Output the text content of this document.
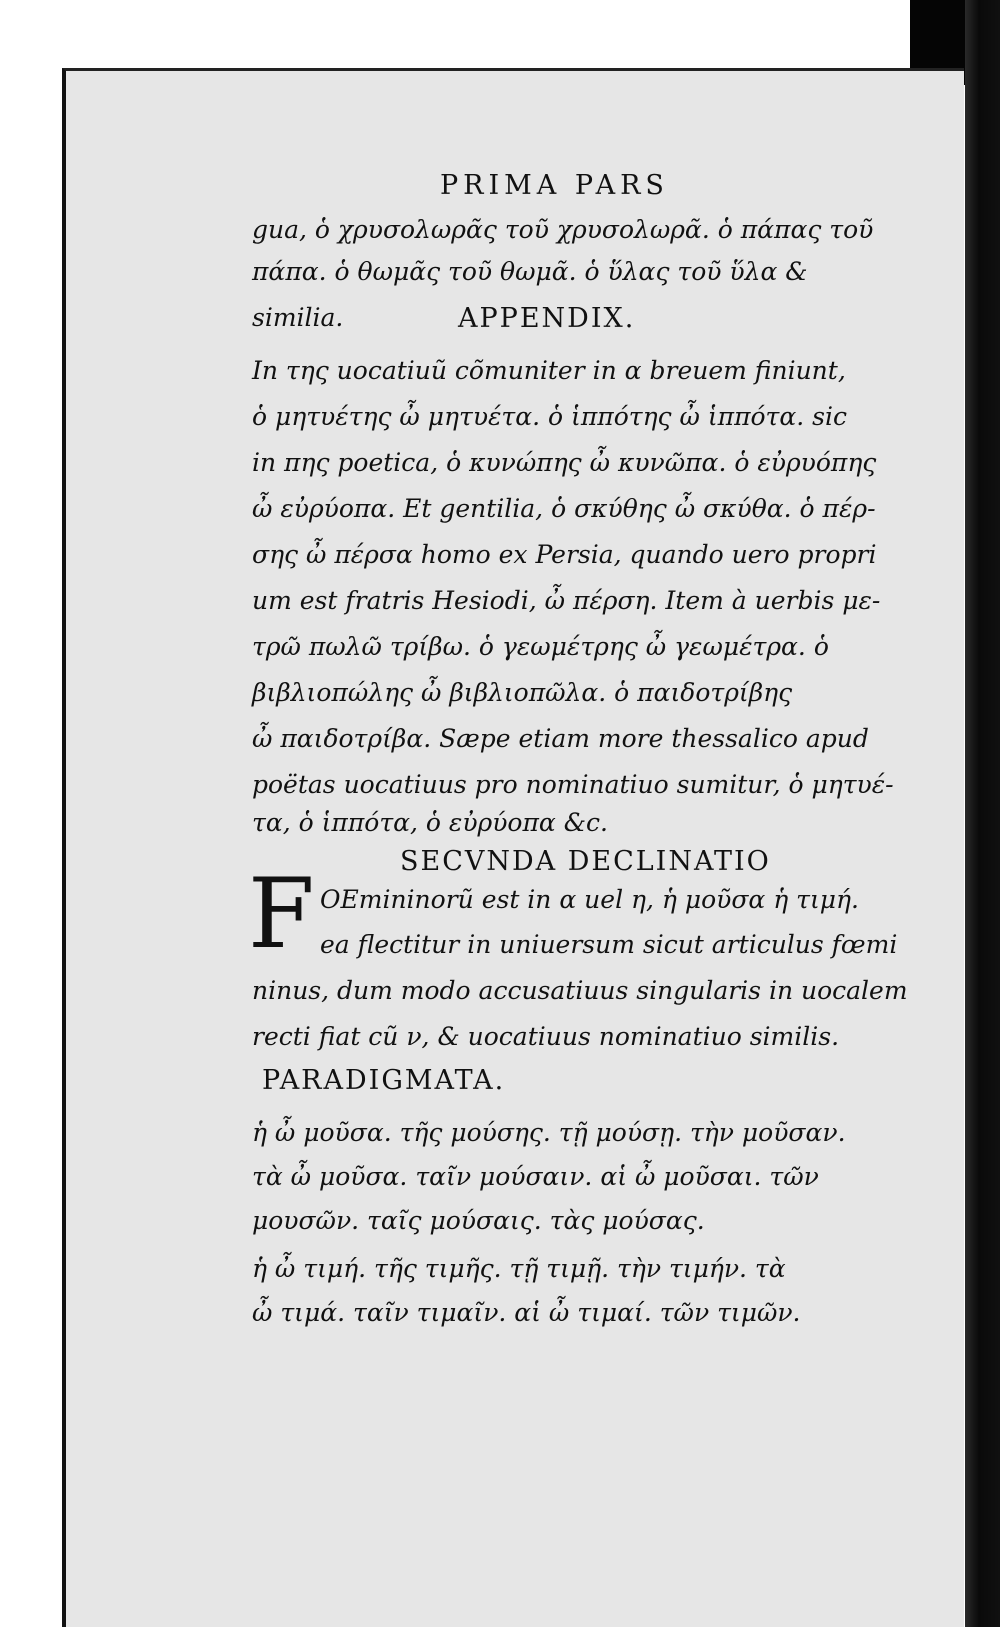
PRIMA PARS
gua, ὁ χρυσολωρᾶς τοῦ χρυσολωρᾶ. ὁ πάπας τοῦ
πάπα. ὁ θωμᾶς τοῦ θωμᾶ. ὁ ὕλας τοῦ ὕλα &
similia.	APPENDIX.
In της uocatiuũ cõmuniter in α breuem finiunt,
ὁ μητυέτης ὦ μητυέτα. ὁ ἱππότης ὦ ἱππότα. sic
in πης poetica, ὁ κυνώπης ὦ κυνῶπα. ὁ εὐρυόπης
ὦ εὐρύοπα. Et gentilia, ὁ σκύθης ὦ σκύθα. ὁ πέρ-
σης ὦ πέρσα homo ex Persia, quando uero propri
um est fratris Hesiodi, ὦ πέρση. Item à uerbis με-
τρῶ πωλῶ τρίβω. ὁ γεωμέτρης ὦ γεωμέτρα. ὁ
βιβλιοπώλης ὦ βιβλιοπῶλα. ὁ παιδοτρίβης
ὦ παιδοτρίβα. Sæpe etiam more thessalico apud
poëtas uocatiuus pro nominatiuo sumitur, ὁ μητυέ-
τα, ὁ ἱππότα, ὁ εὐρύοπα &c.
SECVNDA DECLINATIO
F OEmininorũ est in α uel η, ἡ μοῦσα ἡ τιμή.
ea flectitur in uniuersum sicut articulus fœmi
ninus, dum modo accusatiuus singularis in uocalem
recti fiat cũ ν, & uocatiuus nominatiuo similis.
PARADIGMATA.
ἡ ὦ μοῦσα. τῆς μούσης. τῇ μούσῃ. τὴν μοῦσαν.
τὰ ὦ μοῦσα. ταῖν μούσαιν. αἱ ὦ μοῦσαι. τῶν
μουσῶν. ταῖς μούσαις. τὰς μούσας.
ἡ ὦ τιμή. τῆς τιμῆς. τῇ τιμῇ. τὴν τιμήν. τὰ
ὦ τιμά. ταῖν τιμαῖν. αἱ ὦ τιμαί. τῶν τιμῶν.
